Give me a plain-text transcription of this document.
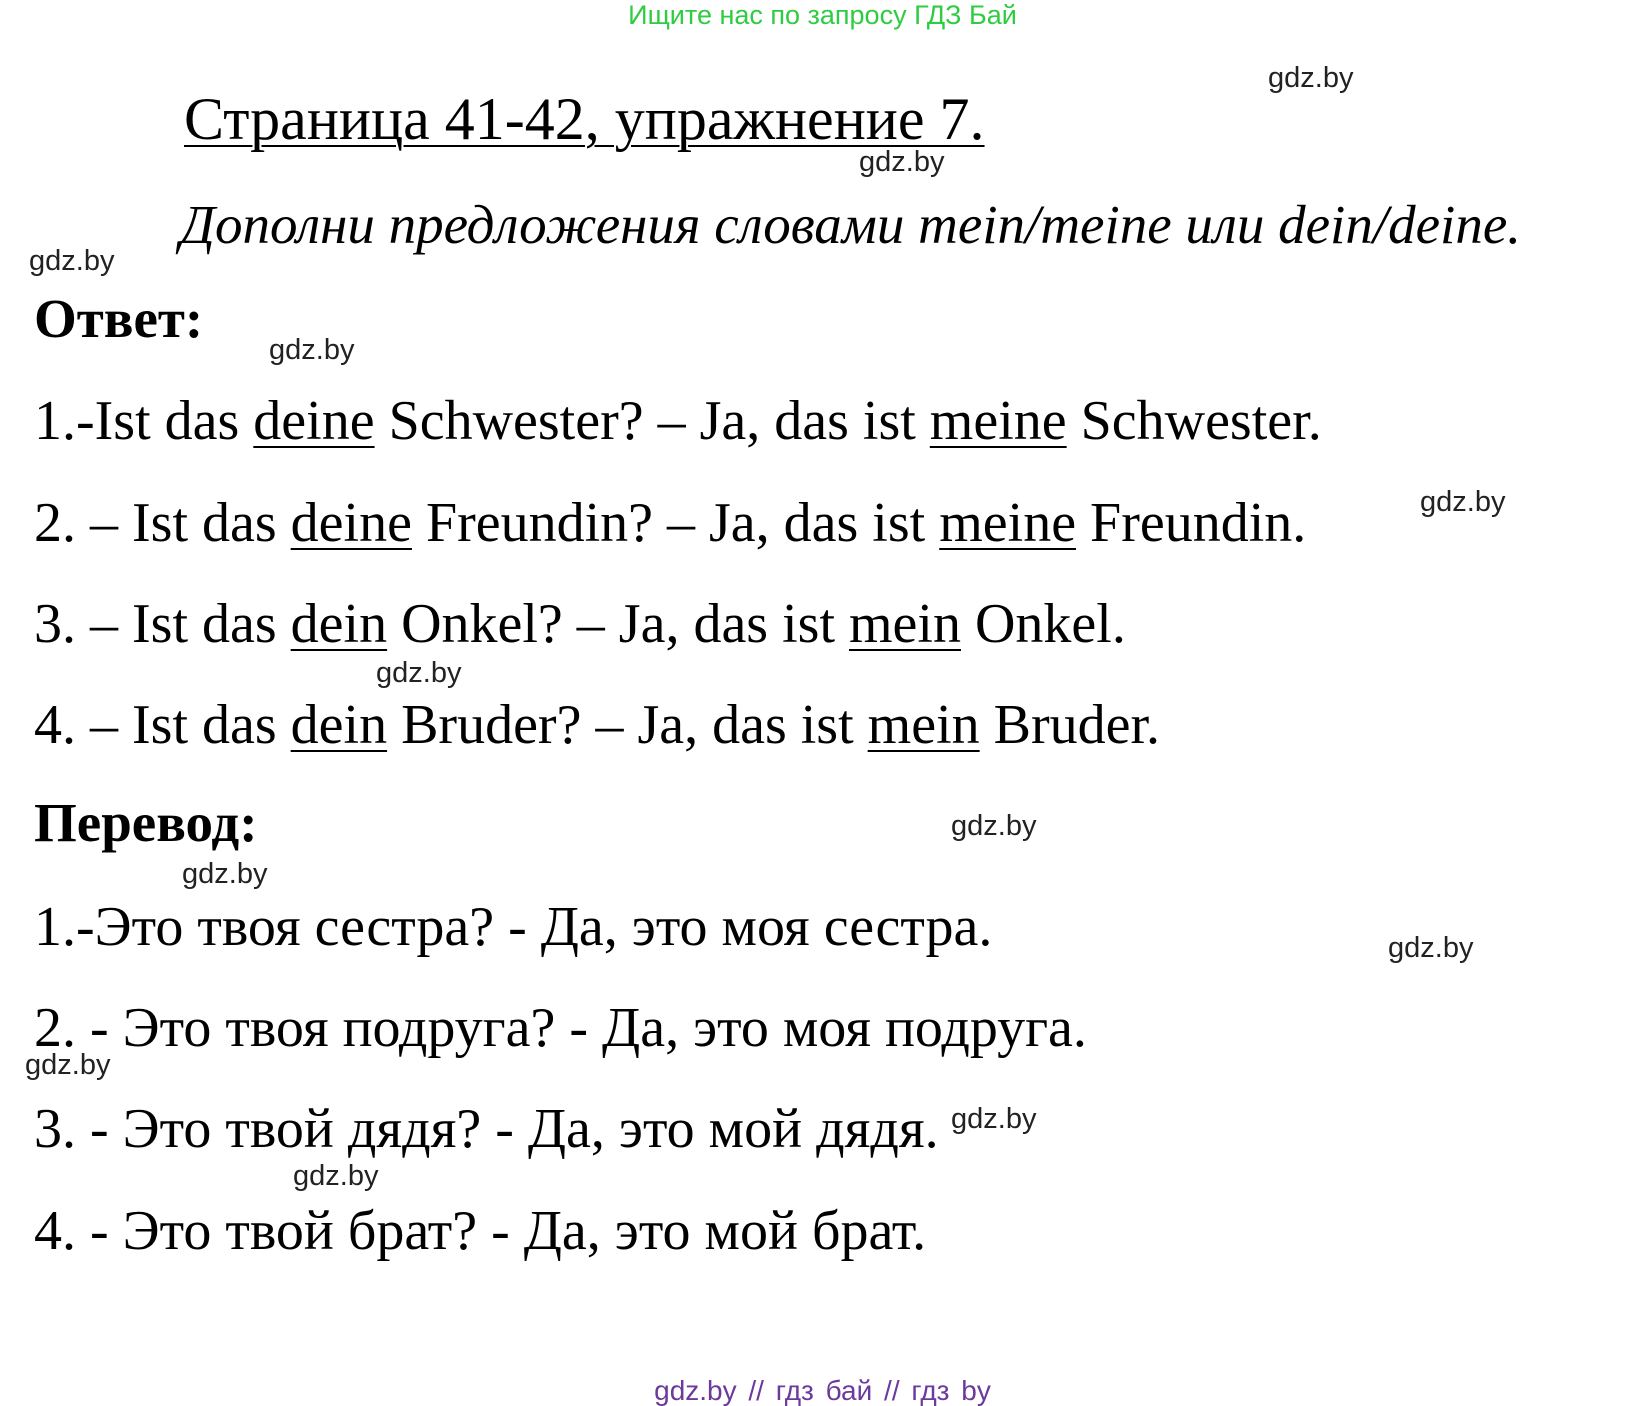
Ищите нас по запросу ГДЗ Бай
gdz.by
Страница 41-42, упражнение 7.
gdz.by
Дополни предложения словами mein/meine или dein/deine.
gdz.by
Ответ:
gdz.by
1.-Ist das deine Schwester? – Ja, das ist meine Schwester.
2. – Ist das deine Freundin? – Ja, das ist meine Freundin.	gdz.by
3. – Ist das dein Onkel? – Ja, das ist mein Onkel.
gdz.by
4. – Ist das dein Bruder? – Ja, das ist mein Bruder.
Перевод:	gdz.by
gdz.by
1.-Это твоя сестра? - Да, это моя сестра.	gdz.by
2. - Это твоя подруга? - Да, это моя подруга.
gdz.by
3. - Это твой дядя? - Да, это мой дядя. gdz.by
gdz.by
4. - Это твой брат? - Да, это мой брат.
gdz.by // гдз бай // гдз by
